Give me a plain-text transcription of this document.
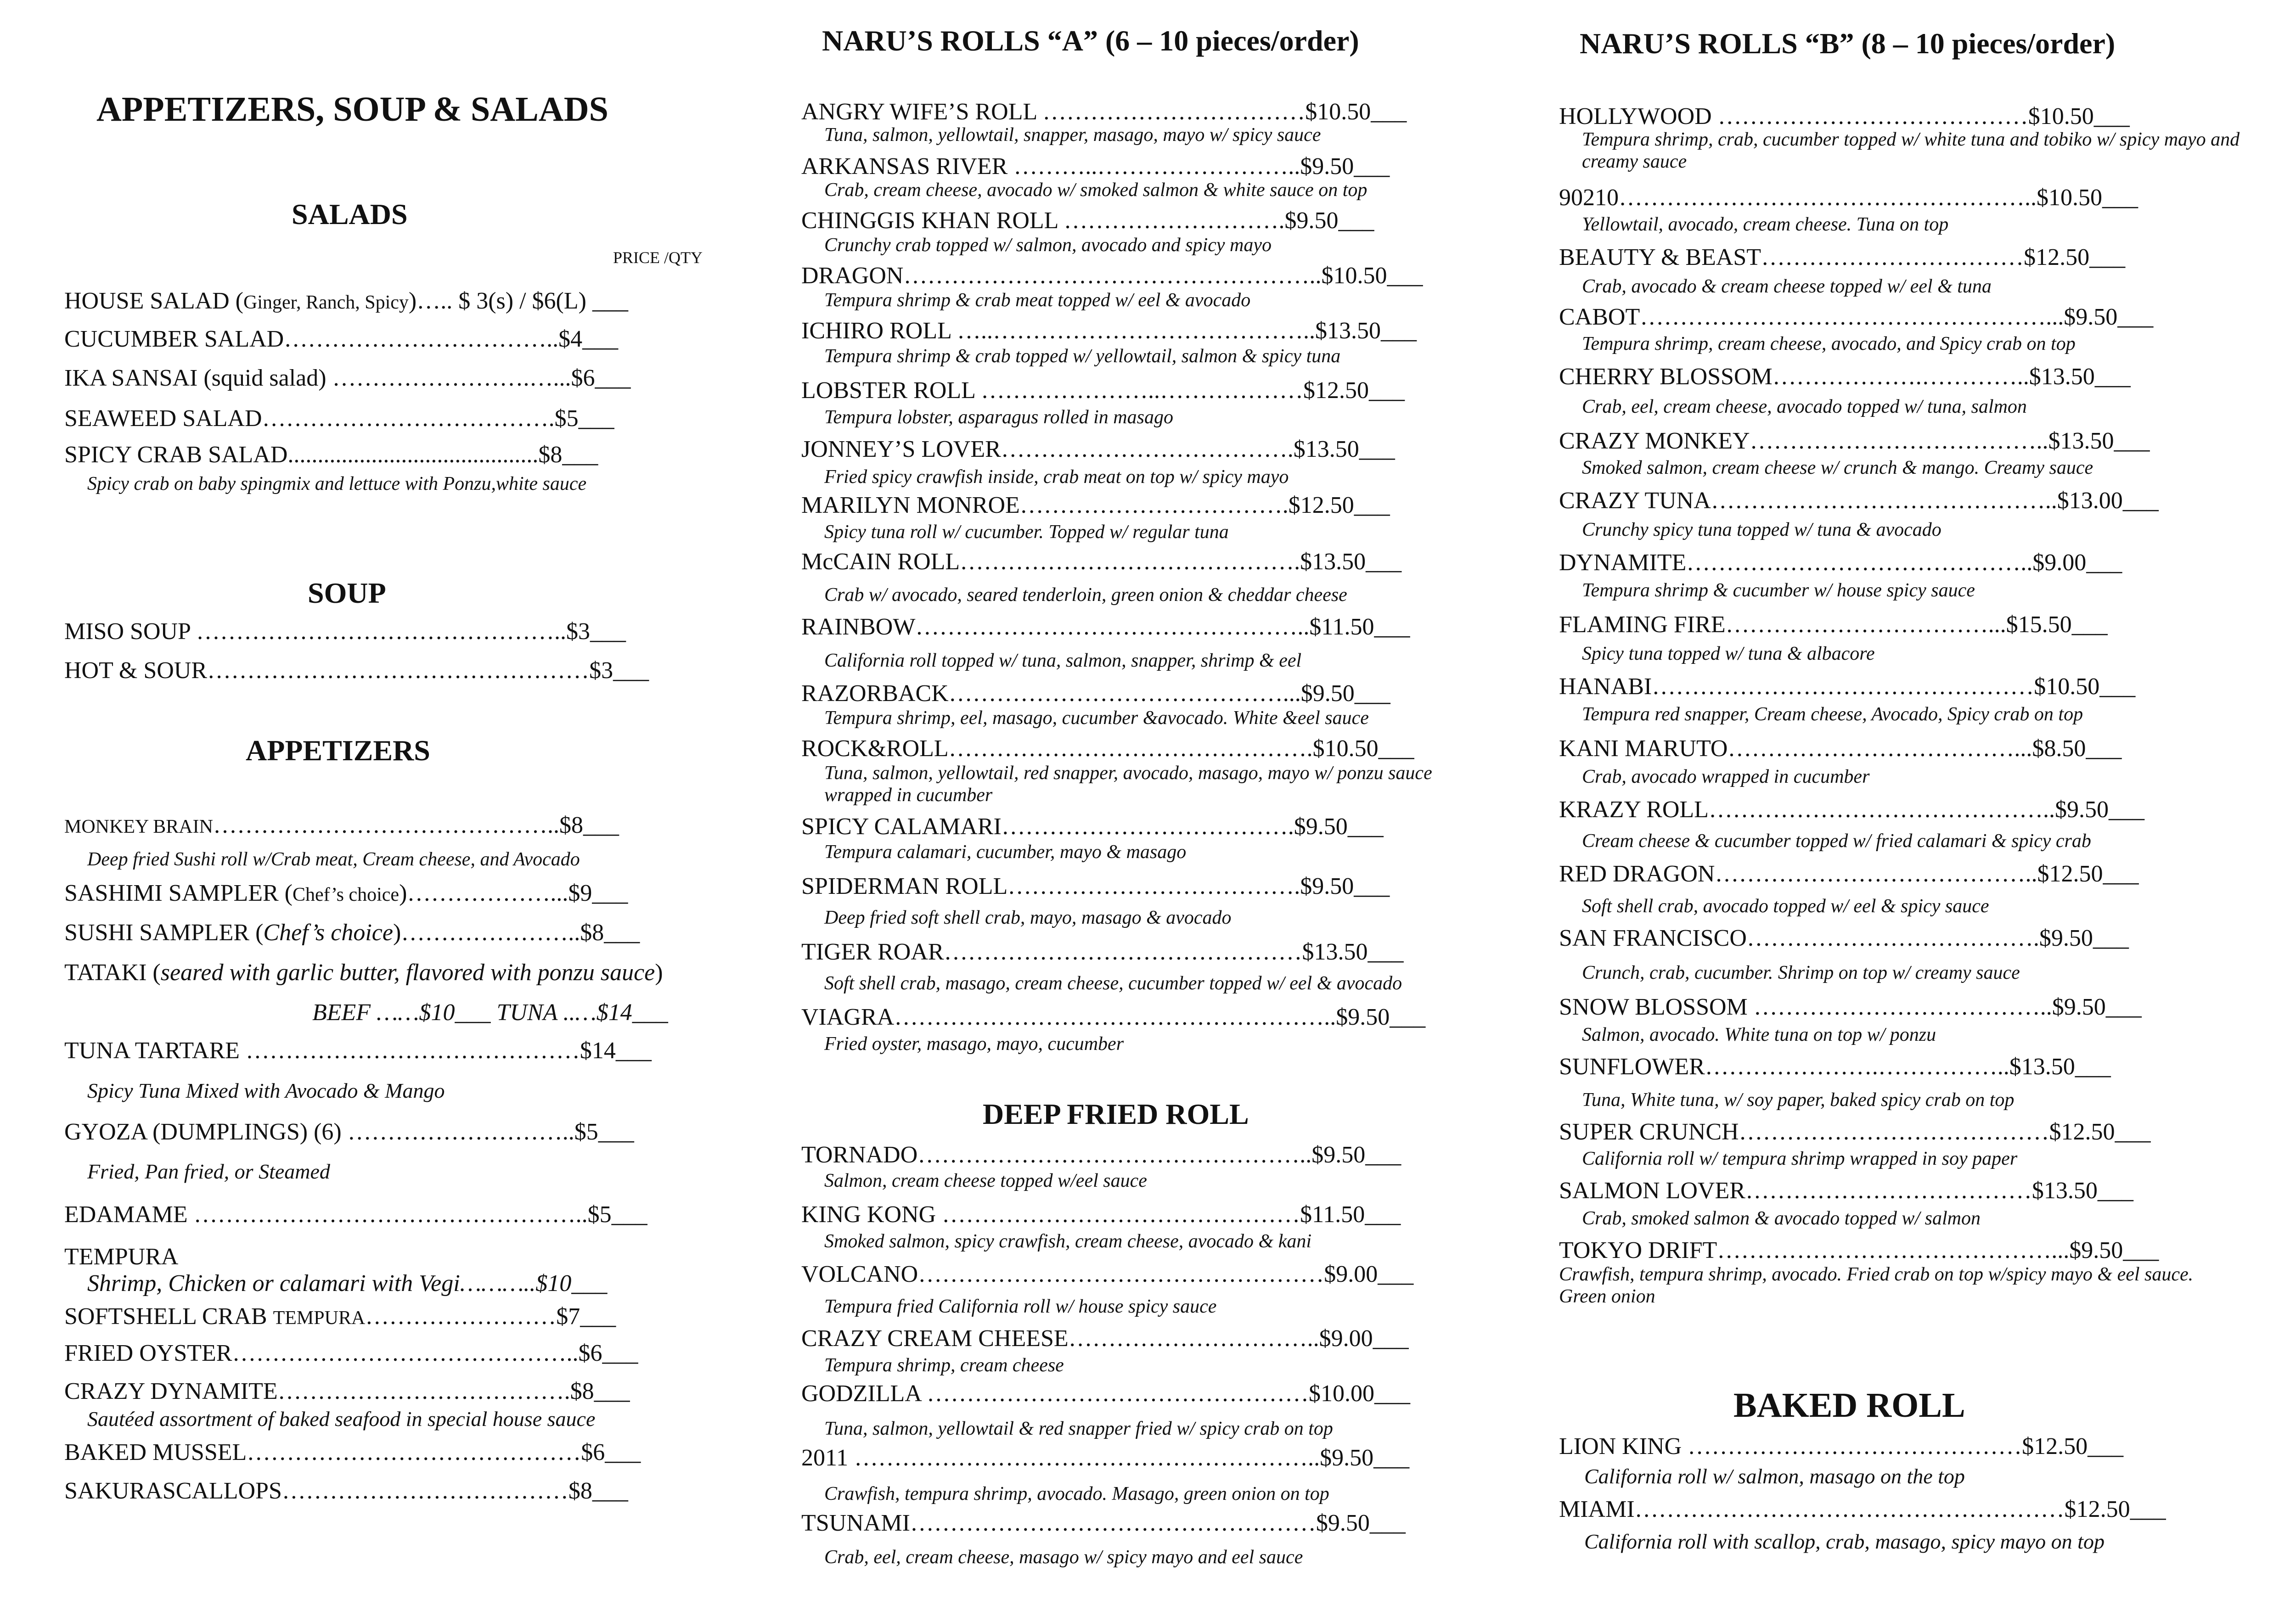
APPETIZERS, SOUP & SALADS
SALADS
PRICE /QTY
HOUSE SALAD (Ginger, Ranch, Spicy)….. $ 3(s) / $6(L) ___
CUCUMBER SALAD……………………………..$4___
IKA SANSAI (squid salad) …………………….…...$6___
SEAWEED SALAD……………………………….$5___
SPICY CRAB SALAD..........................................$8___
Spicy crab on baby spingmix and lettuce with Ponzu,white sauce
SOUP
MISO SOUP ………………………………………..$3___
HOT & SOUR…………………………………………$3___
APPETIZERS
MONKEY BRAIN……………………………………..$8___
Deep fried Sushi roll w/Crab meat, Cream cheese, and Avocado
SASHIMI SAMPLER (Chef’s choice)………………...$9___
SUSHI SAMPLER (Chef’s choice)…………………..$8___
TATAKI (seared with garlic butter, flavored with ponzu sauce)
BEEF ……$10___ TUNA ..…$14___
TUNA TARTARE ……………………………………$14___
Spicy Tuna Mixed with Avocado & Mango
GYOZA (DUMPLINGS) (6) ………………………..$5___
Fried, Pan fried, or Steamed
EDAMAME …………………………………………..$5___
TEMPURA
Shrimp, Chicken or calamari with Vegi………..$10___
SOFTSHELL CRAB TEMPURA……………………$7___
FRIED OYSTER……………………………………..$6___
CRAZY DYNAMITE……………………………….$8___
Sautéed assortment of baked seafood in special house sauce
BAKED MUSSEL……………………………………$6___
SAKURASCALLOPS………………………………$8___
NARU’S ROLLS “A” (6 – 10 pieces/order)
ANGRY WIFE’S ROLL ……………………………$10.50___
Tuna, salmon, yellowtail, snapper, masago, mayo w/ spicy sauce
ARKANSAS RIVER ………..……………………..$9.50___
Crab, cream cheese, avocado w/ smoked salmon & white sauce on top
CHINGGIS KHAN ROLL ……………………….$9.50___
Crunchy crab topped w/ salmon, avocado and spicy mayo
DRAGON……………………………………………..$10.50___
Tempura shrimp & crab meat topped w/ eel & avocado
ICHIRO ROLL …..…………………………………..$13.50___
Tempura shrimp & crab topped w/ yellowtail, salmon & spicy tuna
LOBSTER ROLL …………………..………………$12.50___
Tempura lobster, asparagus rolled in masago
JONNEY’S LOVER……………………………….$13.50___
Fried spicy crawfish inside, crab meat on top w/ spicy mayo
MARILYN MONROE…………………………….$12.50___
Spicy tuna roll w/ cucumber. Topped w/ regular tuna
McCAIN ROLL…………………………………….$13.50___
Crab w/ avocado, seared tenderloin, green onion & cheddar cheese
RAINBOW…………………………………………..$11.50___
California roll topped w/ tuna, salmon, snapper, shrimp & eel
RAZORBACK……………………………………...$9.50___
Tempura shrimp, eel, masago, cucumber &avocado. White &eel sauce
ROCK&ROLL……………………………………….$10.50___
Tuna, salmon, yellowtail, red snapper, avocado, masago, mayo w/ ponzu sauce wrapped in cucumber
SPICY CALAMARI……………………………….$9.50___
Tempura calamari, cucumber, mayo & masago
SPIDERMAN ROLL……………………………….$9.50___
Deep fried soft shell crab, mayo, masago & avocado
TIGER ROAR………………………………………$13.50___
Soft shell crab, masago, cream cheese, cucumber topped w/ eel & avocado
VIAGRA………………………………………………..$9.50___
Fried oyster, masago, mayo, cucumber
DEEP FRIED ROLL
TORNADO…………………………………………..$9.50___
Salmon, cream cheese topped w/eel sauce
KING KONG ………………………………………$11.50___
Smoked salmon, spicy crawfish, cream cheese, avocado & kani
VOLCANO……………………………………………$9.00___
Tempura fried California roll w/ house spicy sauce
CRAZY CREAM CHEESE…………………………..$9.00___
Tempura shrimp, cream cheese
GODZILLA …………………………………………$10.00___
Tuna, salmon, yellowtail & red snapper fried w/ spicy crab on top
2011 …………………………………………………..$9.50___
Crawfish, tempura shrimp, avocado. Masago, green onion on top
TSUNAMI……………………………………………$9.50___
Crab, eel, cream cheese, masago w/ spicy mayo and eel sauce
NARU’S ROLLS “B” (8 – 10 pieces/order)
HOLLYWOOD …………………………………$10.50___
Tempura shrimp, crab, cucumber topped w/ white tuna and tobiko w/ spicy mayo and creamy sauce
90210……………………………………………..$10.50___
Yellowtail, avocado, cream cheese. Tuna on top
BEAUTY & BEAST……………………………$12.50___
Crab, avocado & cream cheese topped w/ eel & tuna
CABOT……………………………………………...$9.50___
Tempura shrimp, cream cheese, avocado, and Spicy crab on top
CHERRY BLOSSOM……………….…………..$13.50___
Crab, eel, cream cheese, avocado topped w/ tuna, salmon
CRAZY MONKEY………………………………..$13.50___
Smoked salmon, cream cheese w/ crunch & mango. Creamy sauce
CRAZY TUNA……………………………………..$13.00___
Crunchy spicy tuna topped w/ tuna & avocado
DYNAMITE……………………………………..$9.00___
Tempura shrimp & cucumber w/ house spicy sauce
FLAMING FIRE……………………………...$15.50___
Spicy tuna topped w/ tuna & albacore
HANABI…………………………………………$10.50___
Tempura red snapper, Cream cheese, Avocado, Spicy crab on top
KANI MARUTO………………………………...$8.50___
Crab, avocado wrapped in cucumber
KRAZY ROLL……………………………………..$9.50___
Cream cheese & cucumber topped w/ fried calamari & spicy crab
RED DRAGON…………………………………..$12.50___
Soft shell crab, avocado topped w/ eel & spicy sauce
SAN FRANCISCO……………………………….$9.50___
Crunch, crab, cucumber. Shrimp on top w/ creamy sauce
SNOW BLOSSOM ………………………………..$9.50___
Salmon, avocado. White tuna on top w/ ponzu
SUNFLOWER………………….……………..$13.50___
Tuna, White tuna, w/ soy paper, baked spicy crab on top
SUPER CRUNCH…………………………………$12.50___
California roll w/ tempura shrimp wrapped in soy paper
SALMON LOVER………………………………$13.50___
Crab, smoked salmon & avocado topped w/ salmon
TOKYO DRIFT……………………………………...$9.50___
Crawfish, tempura shrimp, avocado. Fried crab on top w/spicy mayo & eel sauce. Green onion
BAKED ROLL
LION KING ……………………………………$12.50___
California roll w/ salmon, masago on the top
MIAMI………………………………………………$12.50___
California roll with scallop, crab, masago, spicy mayo on top
